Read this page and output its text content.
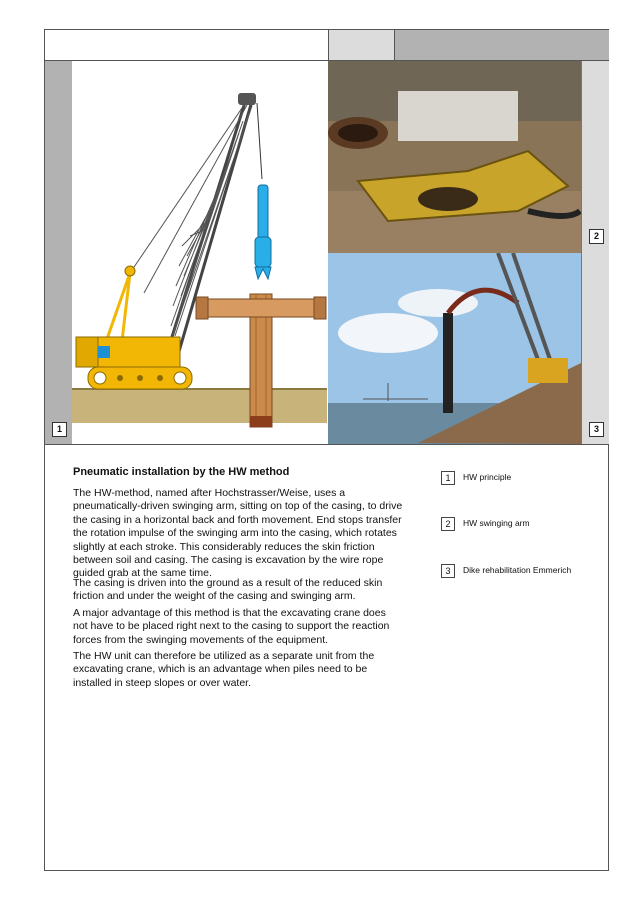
1
2
3
Pneumatic installation by the HW method

The HW-method, named after Hochstrasser/Weise, uses a pneumatically-driven swinging arm, sitting on top of the casing, to drive the casing in a horizontal back and forth movement. End stops transfer the rotation impulse of the swinging arm into the casing, which rotates slightly at each stroke. This considerably reduces the skin friction between soil and casing. The casing is excavation by the wire rope guided grab at the same time.

The casing is driven into the ground as a result of the reduced skin friction and under the weight of the casing and swinging arm.

A major advantage of this method is that the excavating crane does not have to be placed right next to the casing to support the reaction forces from the swinging movements of the equipment.

The HW unit can therefore be utilized as a separate unit from the excavating crane, which is an advantage when piles need to be installed in steep slopes or over water.

1	HW principle
2	HW swinging arm
3	Dike rehabilitation Emmerich
